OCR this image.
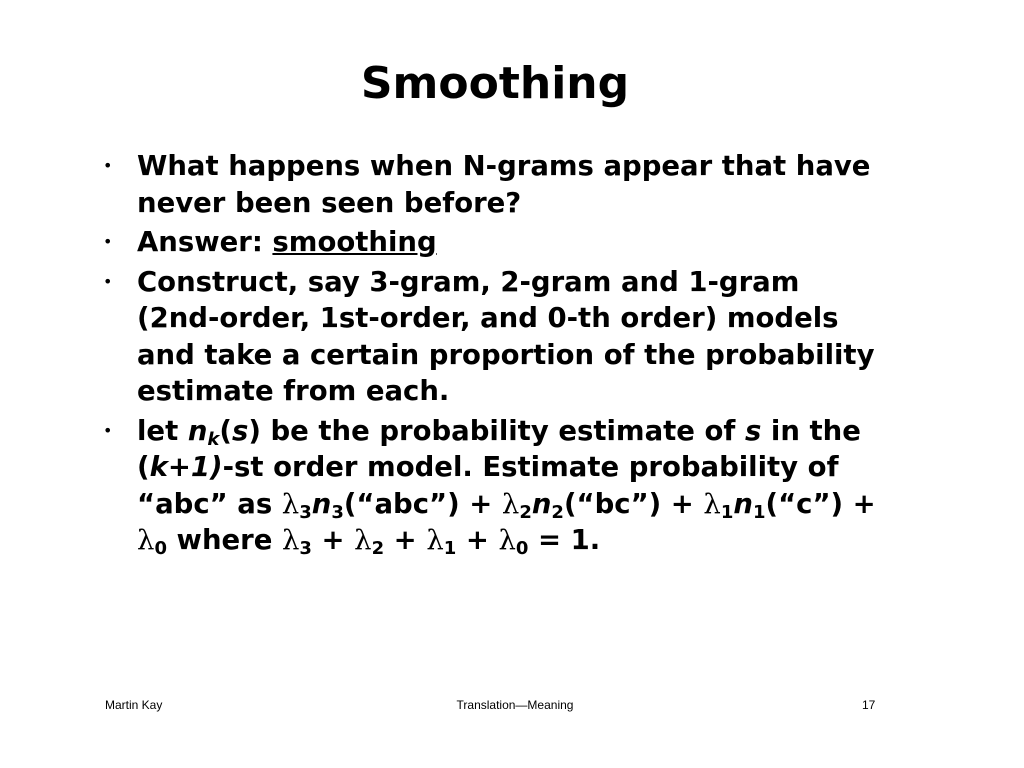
Smoothing
• What happens when N-grams appear that have never been seen before?
• Answer: smoothing
• Construct, say 3-gram, 2-gram and 1-gram (2nd-order, 1st-order, and 0-th order) models and take a certain proportion of the probability estimate from each.
• let $n_k(s)$ be the probability estimate of s in the (k+1)-st order model. Estimate probability of “abc” as $\lambda_3n_3(“abc”)$ + $\lambda_2n_2(“bc”)$ + $\lambda_1n_1(“c”) + \lambda_0$ where $\lambda_3 + \lambda_2 + \lambda_1 + \lambda_0 = 1$.
Martin Kay	Translation—Meaning	17
